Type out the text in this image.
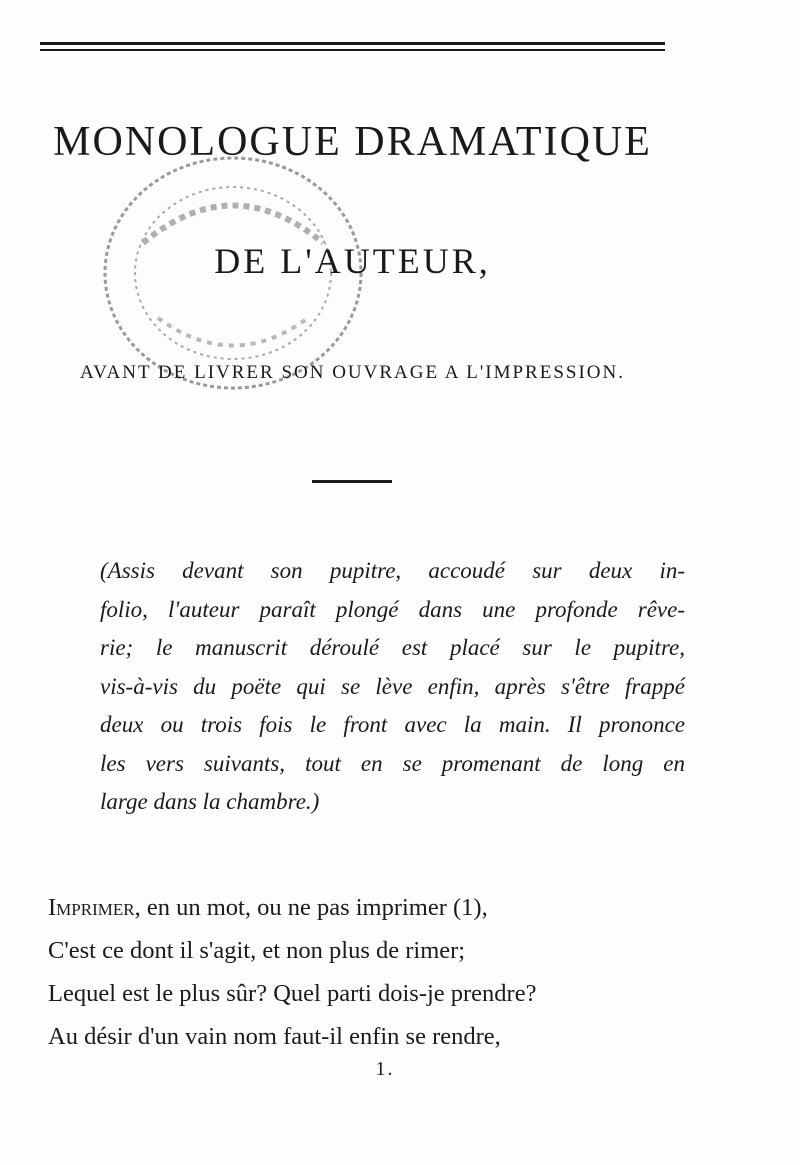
MONOLOGUE DRAMATIQUE
DE L'AUTEUR,
AVANT DE LIVRER SON OUVRAGE A L'IMPRESSION.
(Assis devant son pupitre, accoudé sur deux in-
folio, l'auteur paraît plongé dans une profonde rêve-
rie; le manuscrit déroulé est placé sur le pupitre,
vis-à-vis du poëte qui se lève enfin, après s'être frappé
deux ou trois fois le front avec la main. Il prononce
les vers suivants, tout en se promenant de long en
large dans la chambre.)
Imprimer, en un mot, ou ne pas imprimer (1),
C'est ce dont il s'agit, et non plus de rimer;
Lequel est le plus sûr? Quel parti dois-je prendre?
Au désir d'un vain nom faut-il enfin se rendre,
1.
